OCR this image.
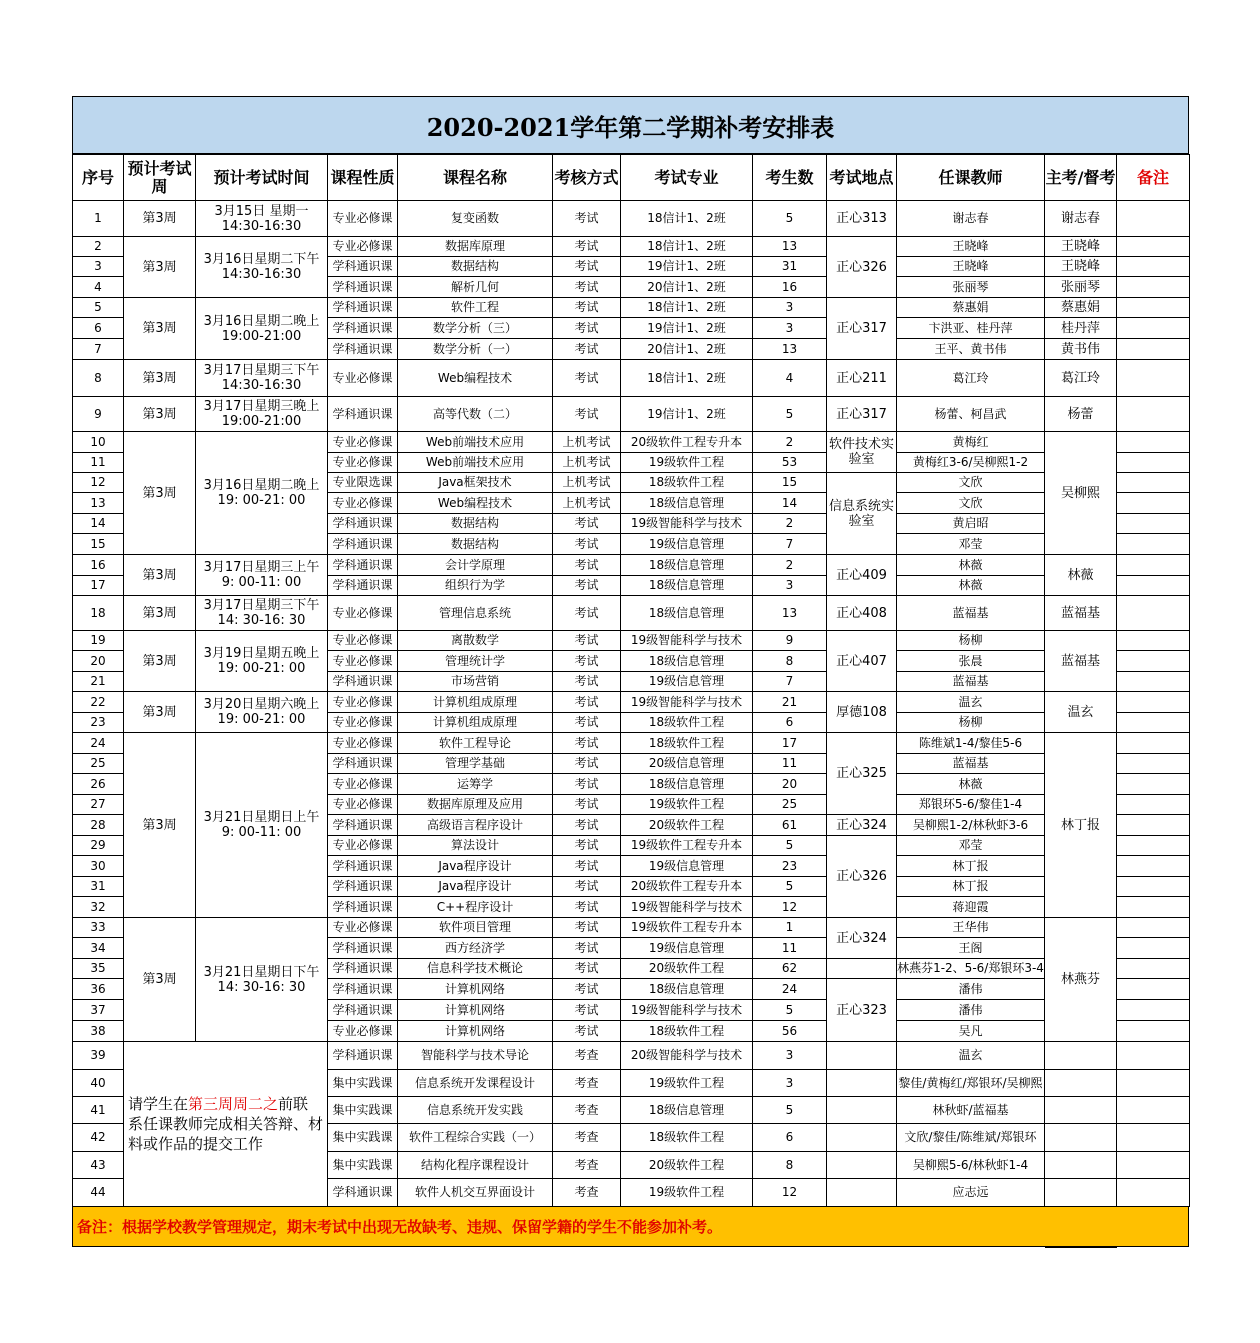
2020-2021学年第二学期补考安排表
序号	预计考试周	预计考试时间	课程性质	课程名称	考核方式	考试专业	考生数	考试地点	任课教师	主考/督考	备注
1	第3周	3月15日 星期一
14:30-16:30	专业必修课	复变函数	考试	18信计1、2班	5	正心313	谢志春	谢志春	
2	第3周	3月16日星期二下午
14:30-16:30	专业必修课	数据库原理	考试	18信计1、2班	13	正心326	王晓峰	王晓峰	
3			学科通识课	数据结构	考试	19信计1、2班	31		王晓峰	王晓峰	
4			学科通识课	解析几何	考试	20信计1、2班	16		张丽琴	张丽琴	
5	第3周	3月16日星期二晚上
19:00-21:00	学科通识课	软件工程	考试	18信计1、2班	3	正心317	蔡惠娟	蔡惠娟	
6			学科通识课	数学分析（三）	考试	19信计1、2班	3		卞洪亚、桂丹萍	桂丹萍	
7			学科通识课	数学分析（一）	考试	20信计1、2班	13		王平、黄书伟	黄书伟	
8	第3周	3月17日星期三下午
14:30-16:30	专业必修课	Web编程技术	考试	18信计1、2班	4	正心211	葛江玲	葛江玲	
9	第3周	3月17日星期三晚上
19:00-21:00	学科通识课	高等代数（二）	考试	19信计1、2班	5	正心317	杨蕾、柯昌武	杨蕾	
10	第3周	3月16日星期二晚上
19: 00-21: 00	专业必修课	Web前端技术应用	上机考试	20级软件工程专升本	2	软件技术实验室	黄梅红	吴柳熙	
11			专业必修课	Web前端技术应用	上机考试	19级软件工程	53		黄梅红3-6/吴柳熙1-2		
12			专业限选课	Java框架技术	上机考试	18级软件工程	15	信息系统实验室	文欣		
13			专业必修课	Web编程技术	上机考试	18级信息管理	14		文欣		
14			学科通识课	数据结构	考试	19级智能科学与技术	2		黄启昭		
15			学科通识课	数据结构	考试	19级信息管理	7		邓莹		
16	第3周	3月17日星期三上午
9: 00-11: 00	学科通识课	会计学原理	考试	18级信息管理	2	正心409	林薇	林薇	
17			学科通识课	组织行为学	考试	18级信息管理	3		林薇		
18	第3周	3月17日星期三下午
14: 30-16: 30	专业必修课	管理信息系统	考试	18级信息管理	13	正心408	蓝福基	蓝福基	
19	第3周	3月19日星期五晚上
19: 00-21: 00	专业必修课	离散数学	考试	19级智能科学与技术	9	正心407	杨柳	蓝福基	
20			专业必修课	管理统计学	考试	18级信息管理	8		张晨		
21			学科通识课	市场营销	考试	19级信息管理	7		蓝福基		
22	第3周	3月20日星期六晚上
19: 00-21: 00	专业必修课	计算机组成原理	考试	19级智能科学与技术	21	厚德108	温玄	温玄	
23			专业必修课	计算机组成原理	考试	18级软件工程	6		杨柳		
24	第3周	3月21日星期日上午
9: 00-11: 00	专业必修课	软件工程导论	考试	18级软件工程	17	正心325	陈维斌1-4/黎佳5-6	林丁报	
25			学科通识课	管理学基础	考试	20级信息管理	11		蓝福基		
26			专业必修课	运筹学	考试	18级信息管理	20		林薇		
27			专业必修课	数据库原理及应用	考试	19级软件工程	25		郑银环5-6/黎佳1-4		
28			学科通识课	高级语言程序设计	考试	20级软件工程	61	正心324	吴柳熙1-2/林秋虾3-6		
29			专业必修课	算法设计	考试	19级软件工程专升本	5	正心326	邓莹		
30			学科通识课	Java程序设计	考试	19级信息管理	23		林丁报		
31			学科通识课	Java程序设计	考试	20级软件工程专升本	5		林丁报		
32			学科通识课	C++程序设计	考试	19级智能科学与技术	12		蒋迎霞		
33	第3周	3月21日星期日下午
14: 30-16: 30	专业必修课	软件项目管理	考试	19级软件工程专升本	1	正心324	王华伟	林燕芬	
34			学科通识课	西方经济学	考试	19级信息管理	11		王阁		
35			学科通识课	信息科学技术概论	考试	20级软件工程	62		林燕芬1-2、5-6/郑银环3-4		
36			学科通识课	计算机网络	考试	18级信息管理	24	正心323	潘伟		
37			学科通识课	计算机网络	考试	19级智能科学与技术	5		潘伟		
38			专业必修课	计算机网络	考试	18级软件工程	56		吴凡		
39	请学生在第三周周二之前联系任课教师完成相关答辩、材料或作品的提交工作		学科通识课	智能科学与技术导论	考查	20级智能科学与技术	3		温玄		
40			集中实践课	信息系统开发课程设计	考查	19级软件工程	3		黎佳/黄梅红/郑银环/吴柳熙		
41			集中实践课	信息系统开发实践	考查	18级信息管理	5		林秋虾/蓝福基		
42			集中实践课	软件工程综合实践（一）	考查	18级软件工程	6		文欣/黎佳/陈维斌/郑银环		
43			集中实践课	结构化程序课程设计	考查	20级软件工程	8		吴柳熙5-6/林秋虾1-4		
44			学科通识课	软件人机交互界面设计	考查	19级软件工程	12		应志远		
备注：根据学校教学管理规定，期末考试中出现无故缺考、违规、保留学籍的学生不能参加补考。
